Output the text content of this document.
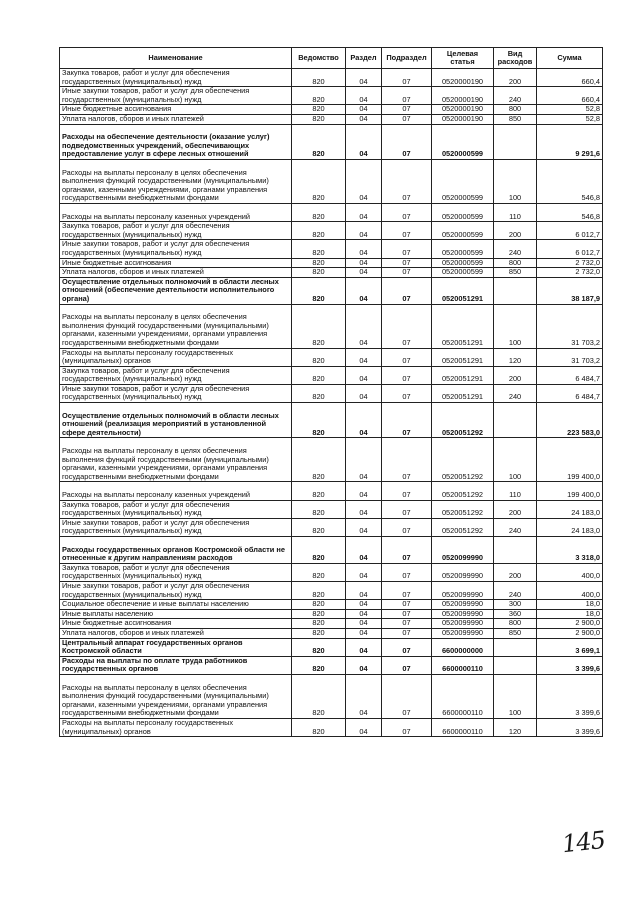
Наименование	Ведомство	Раздел	Подраздел	Целевая статья	Вид расходов	Сумма
Закупка товаров, работ и услуг для обеспечения государственных (муниципальных) нужд	820	04	07	0520000190	200	660,4
Иные закупки товаров, работ и услуг для обеспечения государственных (муниципальных) нужд	820	04	07	0520000190	240	660,4
Иные бюджетные ассигнования	820	04	07	0520000190	800	52,8
Уплата налогов, сборов и иных платежей	820	04	07	0520000190	850	52,8
Расходы на обеспечение деятельности (оказание услуг) подведомственных учреждений, обеспечивающих предоставление услуг в сфере лесных отношений	820	04	07	0520000599		9 291,6
Расходы на выплаты персоналу в целях обеспечения выполнения функций государственными (муниципальными) органами, казенными учреждениями, органами управления государственными внебюджетными фондами	820	04	07	0520000599	100	546,8
Расходы на выплаты персоналу казенных учреждений	820	04	07	0520000599	110	546,8
Закупка товаров, работ и услуг для обеспечения государственных (муниципальных) нужд	820	04	07	0520000599	200	6 012,7
Иные закупки товаров, работ и услуг для обеспечения государственных (муниципальных) нужд	820	04	07	0520000599	240	6 012,7
Иные бюджетные ассигнования	820	04	07	0520000599	800	2 732,0
Уплата налогов, сборов и иных платежей	820	04	07	0520000599	850	2 732,0
Осуществление отдельных полномочий в области лесных отношений (обеспечение деятельности исполнительного органа)	820	04	07	0520051291		38 187,9
Расходы на выплаты персоналу в целях обеспечения выполнения функций государственными (муниципальными) органами, казенными учреждениями, органами управления государственными внебюджетными фондами	820	04	07	0520051291	100	31 703,2
Расходы на выплаты персоналу государственных (муниципальных) органов	820	04	07	0520051291	120	31 703,2
Закупка товаров, работ и услуг для обеспечения государственных (муниципальных) нужд	820	04	07	0520051291	200	6 484,7
Иные закупки товаров, работ и услуг для обеспечения государственных (муниципальных) нужд	820	04	07	0520051291	240	6 484,7
Осуществление отдельных полномочий в области лесных отношений (реализация мероприятий в установленной сфере деятельности)	820	04	07	0520051292		223 583,0
Расходы на выплаты персоналу в целях обеспечения выполнения функций государственными (муниципальными) органами, казенными учреждениями, органами управления государственными внебюджетными фондами	820	04	07	0520051292	100	199 400,0
Расходы на выплаты персоналу казенных учреждений	820	04	07	0520051292	110	199 400,0
Закупка товаров, работ и услуг для обеспечения государственных (муниципальных) нужд	820	04	07	0520051292	200	24 183,0
Иные закупки товаров, работ и услуг для обеспечения государственных (муниципальных) нужд	820	04	07	0520051292	240	24 183,0
Расходы государственных органов Костромской области не отнесенные к другим направлениям расходов	820	04	07	0520099990		3 318,0
Закупка товаров, работ и услуг для обеспечения государственных (муниципальных) нужд	820	04	07	0520099990	200	400,0
Иные закупки товаров, работ и услуг для обеспечения государственных (муниципальных) нужд	820	04	07	0520099990	240	400,0
Социальное обеспечение и иные выплаты населению	820	04	07	0520099990	300	18,0
Иные выплаты населению	820	04	07	0520099990	360	18,0
Иные бюджетные ассигнования	820	04	07	0520099990	800	2 900,0
Уплата налогов, сборов и иных платежей	820	04	07	0520099990	850	2 900,0
Центральный аппарат государственных органов Костромской области	820	04	07	6600000000		3 699,1
Расходы на выплаты по оплате труда работников государственных органов	820	04	07	6600000110		3 399,6
Расходы на выплаты персоналу в целях обеспечения выполнения функций государственными (муниципальными) органами, казенными учреждениями, органами управления государственными внебюджетными фондами	820	04	07	6600000110	100	3 399,6
Расходы на выплаты персоналу государственных (муниципальных) органов	820	04	07	6600000110	120	3 399,6
145
